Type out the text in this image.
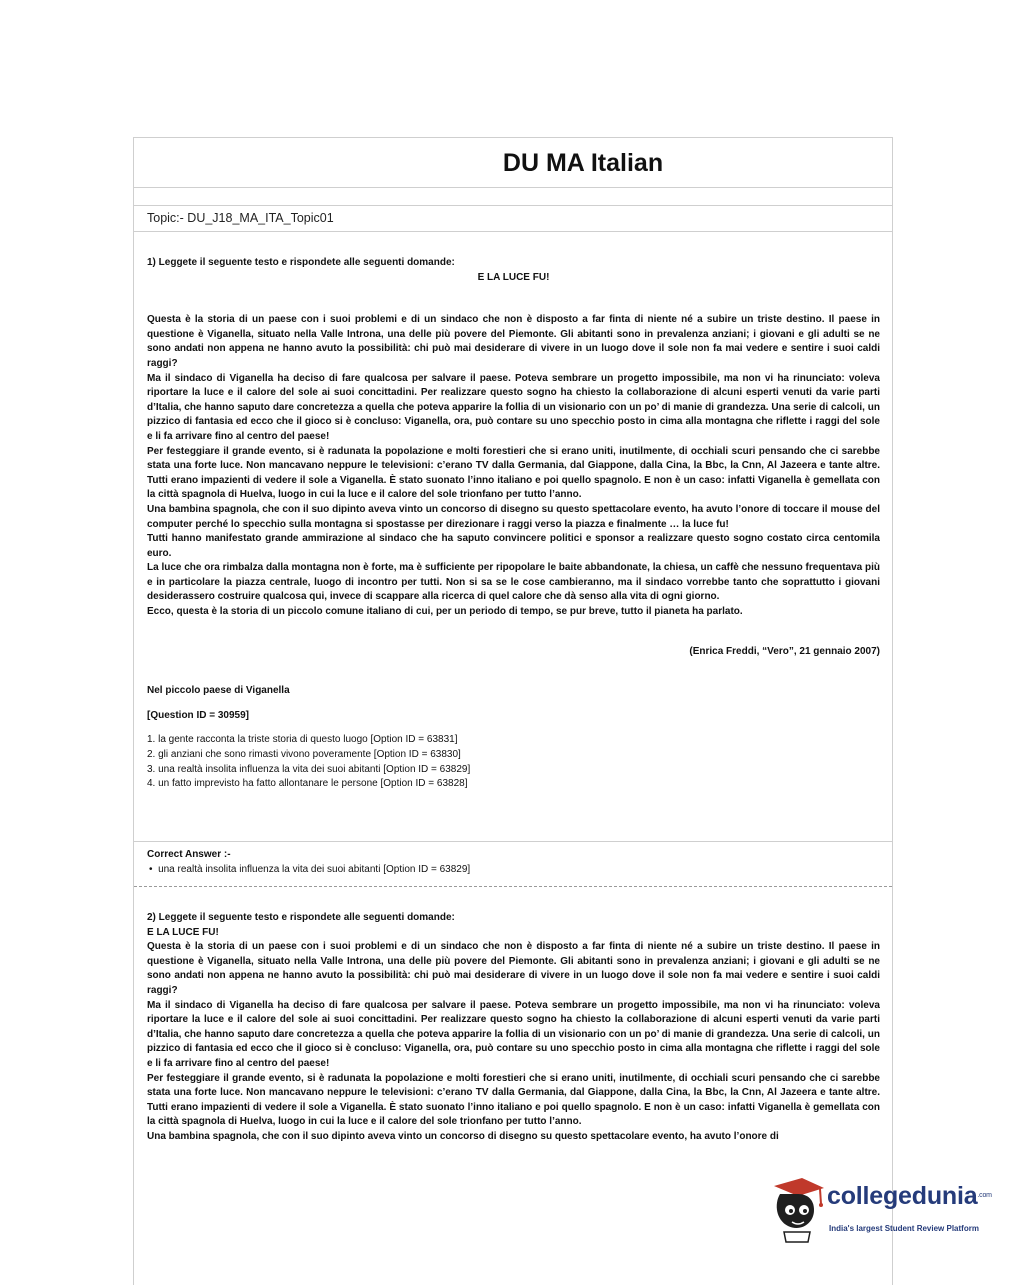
DU MA Italian
Topic:- DU_J18_MA_ITA_Topic01

1) Leggete il seguente testo e rispondete alle seguenti domande:

E LA LUCE FU!

Questa è la storia di un paese con i suoi problemi e di un sindaco che non è disposto a far finta di niente né a subire un triste destino. Il paese in questione è Viganella, situato nella Valle Introna, una delle più povere del Piemonte. Gli abitanti sono in prevalenza anziani; i giovani e gli adulti se ne sono andati non appena ne hanno avuto la possibilità: chi può mai desiderare di vivere in un luogo dove il sole non fa mai vedere e sentire i suoi caldi raggi?

Ma il sindaco di Viganella ha deciso di fare qualcosa per salvare il paese. Poteva sembrare un progetto impossibile, ma non vi ha rinunciato: voleva riportare la luce e il calore del sole ai suoi concittadini. Per realizzare questo sogno ha chiesto la collaborazione di alcuni esperti venuti da varie parti d’Italia, che hanno saputo dare concretezza a quella che poteva apparire la follia di un visionario con un po’ di manie di grandezza. Una serie di calcoli, un pizzico di fantasia ed ecco che il gioco si è concluso: Viganella, ora, può contare su uno specchio posto in cima alla montagna che riflette i raggi del sole e li fa arrivare fino al centro del paese!

Per festeggiare il grande evento, si è radunata la popolazione e molti forestieri che si erano uniti, inutilmente, di occhiali scuri pensando che ci sarebbe stata una forte luce. Non mancavano neppure le televisioni: c’erano TV dalla Germania, dal Giappone, dalla Cina, la Bbc, la Cnn, Al Jazeera e tante altre. Tutti erano impazienti di vedere il sole a Viganella. È stato suonato l’inno italiano e poi quello spagnolo. E non è un caso: infatti Viganella è gemellata con la città spagnola di Huelva, luogo in cui la luce e il calore del sole trionfano per tutto l’anno.

Una bambina spagnola, che con il suo dipinto aveva vinto un concorso di disegno su questo spettacolare evento, ha avuto l’onore di toccare il mouse del computer perché lo specchio sulla montagna si spostasse per direzionare i raggi verso la piazza e finalmente … la luce fu!

Tutti hanno manifestato grande ammirazione al sindaco che ha saputo convincere politici e sponsor a realizzare questo sogno costato circa centomila euro.

La luce che ora rimbalza dalla montagna non è forte, ma è sufficiente per ripopolare le baite abbandonate, la chiesa, un caffè che nessuno frequentava più e in particolare la piazza centrale, luogo di incontro per tutti. Non si sa se le cose cambieranno, ma il sindaco vorrebbe tanto che soprattutto i giovani desiderassero costruire qualcosa qui, invece di scappare alla ricerca di quel calore che dà senso alla vita di ogni giorno.

Ecco, questa è la storia di un piccolo comune italiano di cui, per un periodo di tempo, se pur breve, tutto il pianeta ha parlato.

(Enrica Freddi, “Vero”, 21 gennaio 2007)

Nel piccolo paese di Viganella

[Question ID = 30959]

1. la gente racconta la triste storia di questo luogo [Option ID = 63831]

2. gli anziani che sono rimasti vivono poveramente [Option ID = 63830]

3. una realtà insolita influenza la vita dei suoi abitanti [Option ID = 63829]

4. un fatto imprevisto ha fatto allontanare le persone [Option ID = 63828]

Correct Answer :-

•  una realtà insolita influenza la vita dei suoi abitanti [Option ID = 63829]

2) Leggete il seguente testo e rispondete alle seguenti domande:

E LA LUCE FU!

Questa è la storia di un paese con i suoi problemi e di un sindaco che non è disposto a far finta di niente né a subire un triste destino. Il paese in questione è Viganella, situato nella Valle Introna, una delle più povere del Piemonte. Gli abitanti sono in prevalenza anziani; i giovani e gli adulti se ne sono andati non appena ne hanno avuto la possibilità: chi può mai desiderare di vivere in un luogo dove il sole non fa mai vedere e sentire i suoi caldi raggi?

Ma il sindaco di Viganella ha deciso di fare qualcosa per salvare il paese. Poteva sembrare un progetto impossibile, ma non vi ha rinunciato: voleva riportare la luce e il calore del sole ai suoi concittadini. Per realizzare questo sogno ha chiesto la collaborazione di alcuni esperti venuti da varie parti d’Italia, che hanno saputo dare concretezza a quella che poteva apparire la follia di un visionario con un po’ di manie di grandezza. Una serie di calcoli, un pizzico di fantasia ed ecco che il gioco si è concluso: Viganella, ora, può contare su uno specchio posto in cima alla montagna che riflette i raggi del sole e li fa arrivare fino al centro del paese!

Per festeggiare il grande evento, si è radunata la popolazione e molti forestieri che si erano uniti, inutilmente, di occhiali scuri pensando che ci sarebbe stata una forte luce. Non mancavano neppure le televisioni: c’erano TV dalla Germania, dal Giappone, dalla Cina, la Bbc, la Cnn, Al Jazeera e tante altre. Tutti erano impazienti di vedere il sole a Viganella. È stato suonato l’inno italiano e poi quello spagnolo. E non è un caso: infatti Viganella è gemellata con la città spagnola di Huelva, luogo in cui la luce e il calore del sole trionfano per tutto l’anno.

Una bambina spagnola, che con il suo dipinto aveva vinto un concorso di disegno su questo spettacolare evento, ha avuto l’onore di

collegedunia$^{.com}$
India's largest Student Review Platform
